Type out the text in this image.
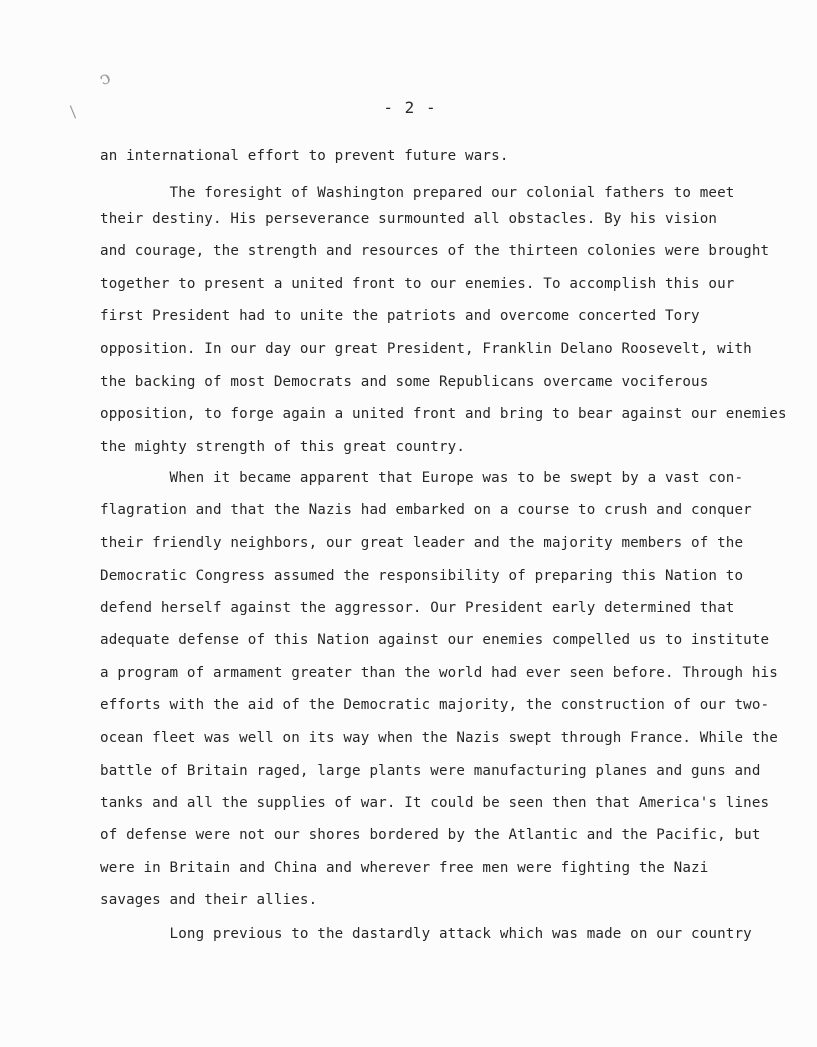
ↄ
/	- 2 -
an international effort to prevent future wars.
The foresight of Washington prepared our colonial fathers to meet
their destiny. His perseverance surmounted all obstacles. By his vision
and courage, the strength and resources of the thirteen colonies were brought
together to present a united front to our enemies. To accomplish this our
first President had to unite the patriots and overcome concerted Tory
opposition. In our day our great President, Franklin Delano Roosevelt, with
the backing of most Democrats and some Republicans overcame vociferous
opposition, to forge again a united front and bring to bear against our enemies
the mighty strength of this great country.
When it became apparent that Europe was to be swept by a vast con-
flagration and that the Nazis had embarked on a course to crush and conquer
their friendly neighbors, our great leader and the majority members of the
Democratic Congress assumed the responsibility of preparing this Nation to
defend herself against the aggressor. Our President early determined that
adequate defense of this Nation against our enemies compelled us to institute
a program of armament greater than the world had ever seen before. Through his
efforts with the aid of the Democratic majority, the construction of our two-
ocean fleet was well on its way when the Nazis swept through France. While the
battle of Britain raged, large plants were manufacturing planes and guns and
tanks and all the supplies of war. It could be seen then that America's lines
of defense were not our shores bordered by the Atlantic and the Pacific, but
were in Britain and China and wherever free men were fighting the Nazi
savages and their allies.
Long previous to the dastardly attack which was made on our country
